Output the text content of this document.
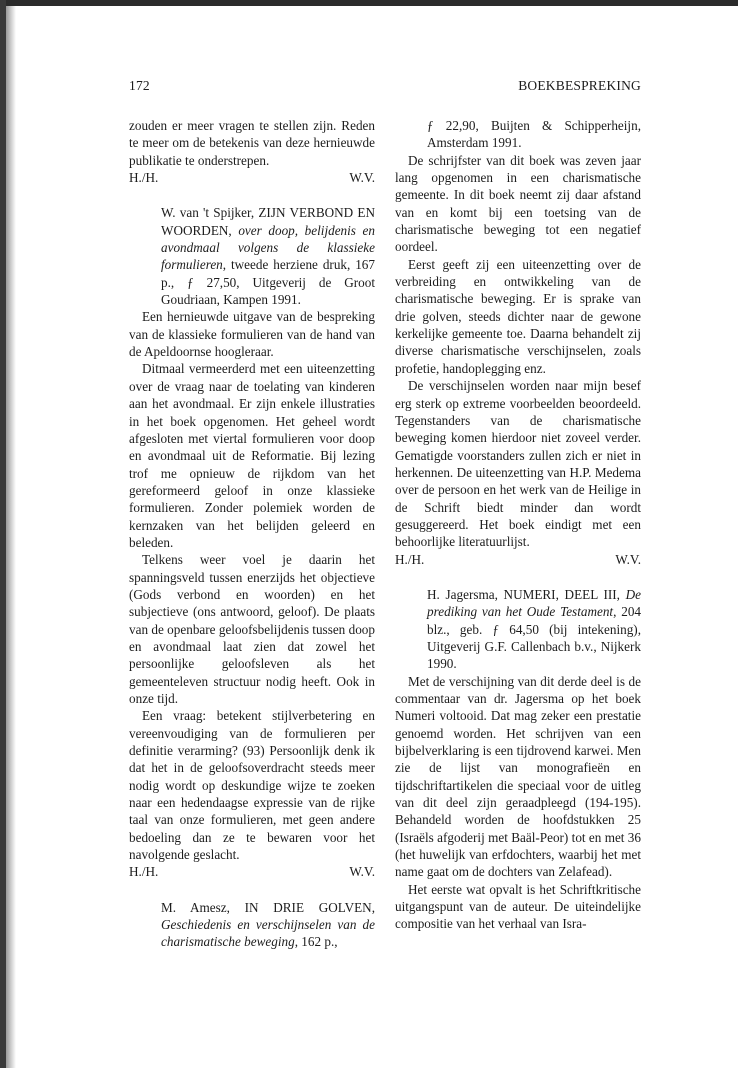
172	BOEKBESPREKING

zouden er meer vragen te stellen zijn. Reden te meer om de betekenis van deze hernieuwde publikatie te onderstrepen.

H./H.	W.V.

W. van 't Spijker, ZIJN VERBOND EN WOORDEN, over doop, belijdenis en avondmaal volgens de klassieke formulieren, tweede herziene druk, 167 p., ƒ 27,50, Uitgeverij de Groot Goudriaan, Kampen 1991.

Een hernieuwde uitgave van de bespreking van de klassieke formulieren van de hand van de Apeldoornse hoogleraar.

Ditmaal vermeerderd met een uiteenzetting over de vraag naar de toelating van kinderen aan het avondmaal. Er zijn enkele illustraties in het boek opgenomen. Het geheel wordt afgesloten met viertal formulieren voor doop en avondmaal uit de Reformatie. Bij lezing trof me opnieuw de rijkdom van het gereformeerd geloof in onze klassieke formulieren. Zonder polemiek worden de kernzaken van het belijden geleerd en beleden.

Telkens weer voel je daarin het spanningsveld tussen enerzijds het objectieve (Gods verbond en woorden) en het subjectieve (ons antwoord, geloof). De plaats van de openbare geloofsbelijdenis tussen doop en avondmaal laat zien dat zowel het persoonlijke geloofsleven als het gemeenteleven structuur nodig heeft. Ook in onze tijd.

Een vraag: betekent stijlverbetering en vereenvoudiging van de formulieren per definitie verarming? (93) Persoonlijk denk ik dat het in de geloofsoverdracht steeds meer nodig wordt op deskundige wijze te zoeken naar een hedendaagse expressie van de rijke taal van onze formulieren, met geen andere bedoeling dan ze te bewaren voor het navolgende geslacht.

H./H.	W.V.

M. Amesz, IN DRIE GOLVEN, Geschiedenis en verschijnselen van de charismatische beweging, 162 p.,

ƒ 22,90, Buijten & Schipperheijn, Amsterdam 1991.

De schrijfster van dit boek was zeven jaar lang opgenomen in een charismatische gemeente. In dit boek neemt zij daar afstand van en komt bij een toetsing van de charismatische beweging tot een negatief oordeel.

Eerst geeft zij een uiteenzetting over de verbreiding en ontwikkeling van de charismatische beweging. Er is sprake van drie golven, steeds dichter naar de gewone kerkelijke gemeente toe. Daarna behandelt zij diverse charismatische verschijnselen, zoals profetie, handoplegging enz.

De verschijnselen worden naar mijn besef erg sterk op extreme voorbeelden beoordeeld. Tegenstanders van de charismatische beweging komen hierdoor niet zoveel verder. Gematigde voorstanders zullen zich er niet in herkennen. De uiteenzetting van H.P. Medema over de persoon en het werk van de Heilige in de Schrift biedt minder dan wordt gesuggereerd. Het boek eindigt met een behoorlijke literatuurlijst.

H./H.	W.V.

H. Jagersma, NUMERI, DEEL III, De prediking van het Oude Testament, 204 blz., geb. ƒ 64,50 (bij intekening), Uitgeverij G.F. Callenbach b.v., Nijkerk 1990.

Met de verschijning van dit derde deel is de commentaar van dr. Jagersma op het boek Numeri voltooid. Dat mag zeker een prestatie genoemd worden. Het schrijven van een bijbelverklaring is een tijdrovend karwei. Men zie de lijst van monografieën en tijdschriftartikelen die speciaal voor de uitleg van dit deel zijn geraadpleegd (194-195). Behandeld worden de hoofdstukken 25 (Israëls afgoderij met Baäl-Peor) tot en met 36 (het huwelijk van erfdochters, waarbij het met name gaat om de dochters van Zelafead).

Het eerste wat opvalt is het Schriftkritische uitgangspunt van de auteur. De uiteindelijke compositie van het verhaal van Isra-
